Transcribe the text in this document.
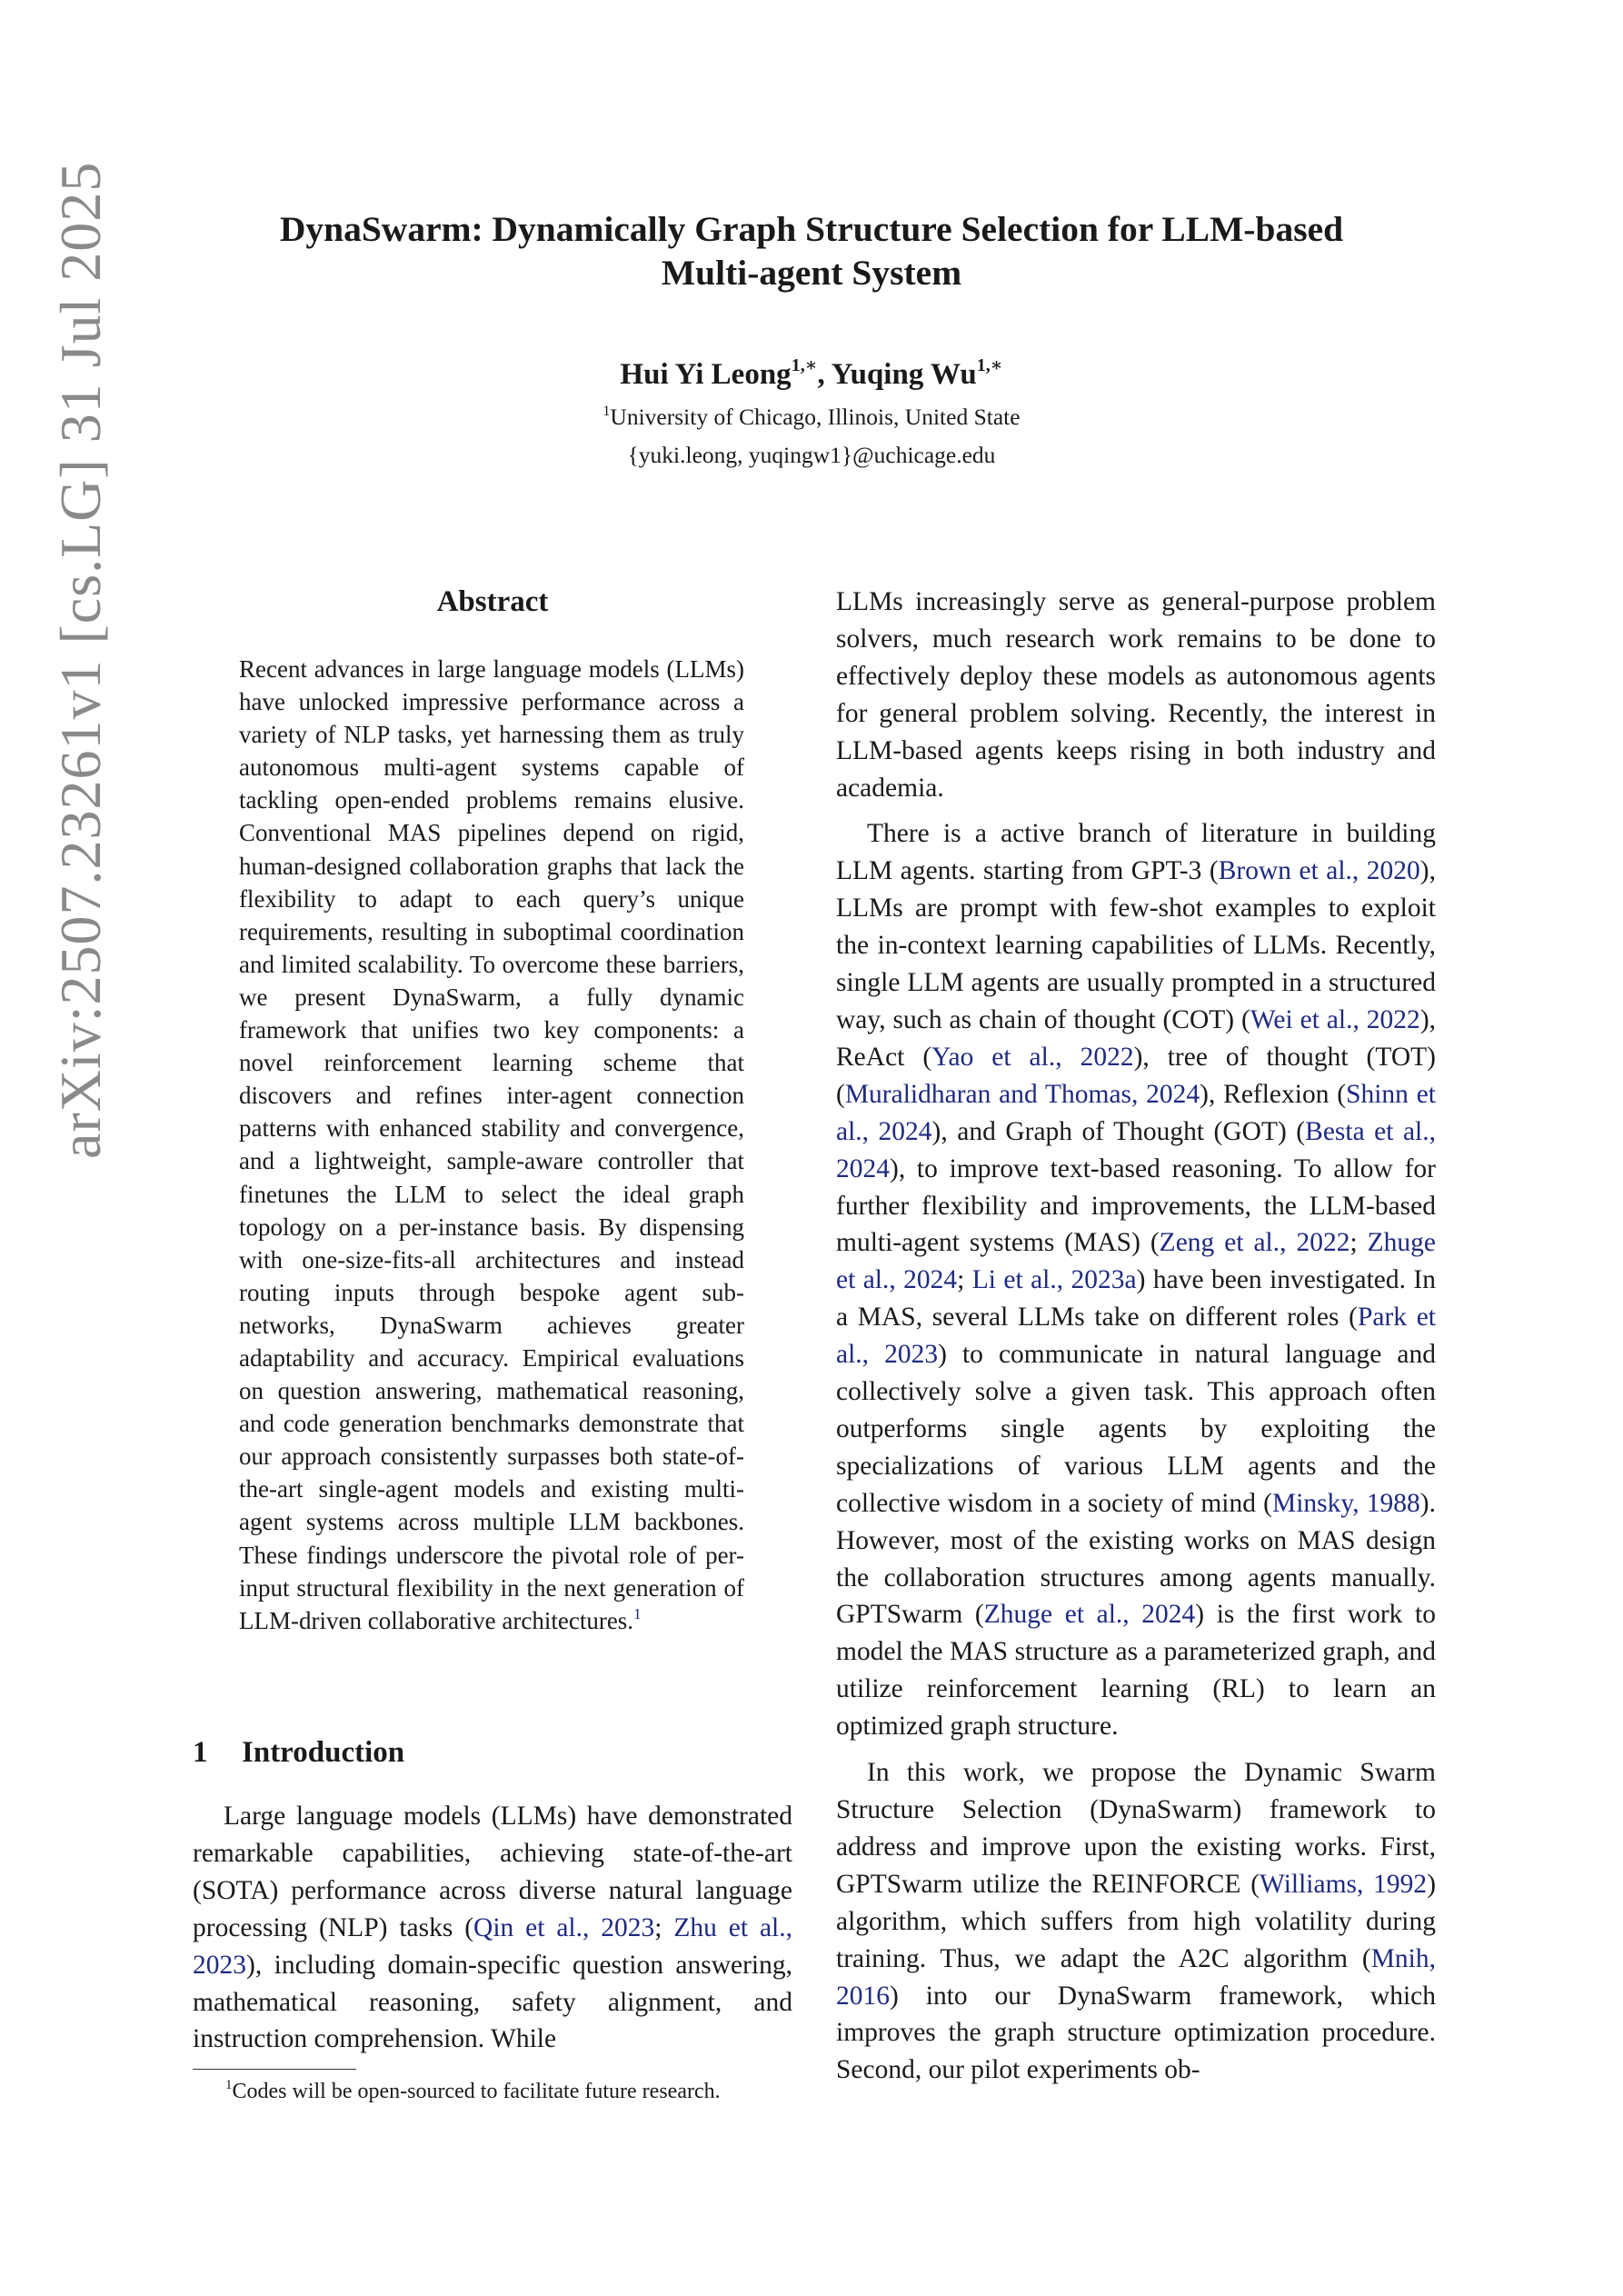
arXiv:2507.23261v1 [cs.LG] 31 Jul 2025	DynaSwarm: Dynamically Graph Structure Selection for LLM-based
Multi-agent System
Hui Yi Leong$^{1,∗}$, Yuqing $Wu^{1,∗}$
$^1$University of Chicago, Illinois, United State
{yuki.leong, yuqingw1}@uchicage.edu
Abstract

Recent advances in large language models (LLMs) have unlocked impressive performance across a variety of NLP tasks, yet harnessing them as truly autonomous multi-agent systems capable of tackling open-ended problems remains elusive. Conventional MAS pipelines depend on rigid, human-designed collaboration graphs that lack the flexibility to adapt to each query’s unique requirements, resulting in suboptimal coordination and limited scalability. To overcome these barriers, we present DynaSwarm, a fully dynamic framework that unifies two key components: a novel reinforcement learning scheme that discovers and refines inter-agent connection patterns with enhanced stability and convergence, and a lightweight, sample-aware controller that finetunes the LLM to select the ideal graph topology on a per-instance basis. By dispensing with one-size-fits-all architectures and instead routing inputs through bespoke agent sub-networks, DynaSwarm achieves greater adaptability and accuracy. Empirical evaluations on question answering, mathematical reasoning, and code generation benchmarks demonstrate that our approach consistently surpasses both state-of-the-art single-agent models and existing multi-agent systems across multiple LLM backbones. These findings underscore the pivotal role of per-input structural flexibility in the next generation of LLM-driven collaborative architectures.$^1$

1 Introduction

Large language models (LLMs) have demonstrated remarkable capabilities, achieving state-of-the-art (SOTA) performance across diverse natural language processing (NLP) tasks (Qin et al., 2023; Zhu et al., 2023), including domain-specific question answering, mathematical reasoning, safety alignment, and instruction comprehension. While

$^1$Codes will be open-sourced to facilitate future research.

LLMs increasingly serve as general-purpose problem solvers, much research work remains to be done to effectively deploy these models as autonomous agents for general problem solving. Recently, the interest in LLM-based agents keeps rising in both industry and academia.

There is a active branch of literature in building LLM agents. starting from GPT-3 (Brown et al., 2020), LLMs are prompt with few-shot examples to exploit the in-context learning capabilities of LLMs. Recently, single LLM agents are usually prompted in a structured way, such as chain of thought (COT) (Wei et al., 2022), ReAct (Yao et al., 2022), tree of thought (TOT) (Muralidharan and Thomas, 2024), Reflexion (Shinn et al., 2024), and Graph of Thought (GOT) (Besta et al., 2024), to improve text-based reasoning. To allow for further flexibility and improvements, the LLM-based multi-agent systems (MAS) (Zeng et al., 2022; Zhuge et al., 2024; Li et al., 2023a) have been investigated. In a MAS, several LLMs take on different roles (Park et al., 2023) to communicate in natural language and collectively solve a given task. This approach often outperforms single agents by exploiting the specializations of various LLM agents and the collective wisdom in a society of mind (Minsky, 1988). However, most of the existing works on MAS design the collaboration structures among agents manually. GPTSwarm (Zhuge et al., 2024) is the first work to model the MAS structure as a parameterized graph, and utilize reinforcement learning (RL) to learn an optimized graph structure.

In this work, we propose the Dynamic Swarm Structure Selection (DynaSwarm) framework to address and improve upon the existing works. First, GPTSwarm utilize the REINFORCE (Williams, 1992) algorithm, which suffers from high volatility during training. Thus, we adapt the A2C algorithm (Mnih, 2016) into our DynaSwarm framework, which improves the graph structure optimization procedure. Second, our pilot experiments ob-
